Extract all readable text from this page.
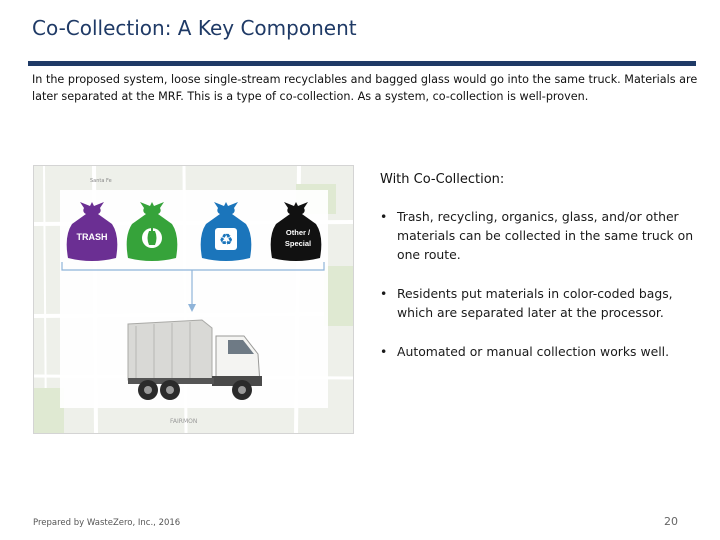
Co-Collection: A Key Component
In the proposed system, loose single-stream recyclables and bagged glass would go into the same truck. Materials are later separated at the MRF. This is a type of co-collection. As a system, co-collection is well-proven.
Santa Fe
FAIRMON
TRASH	♻	Other /
Special
With Co-Collection:
• Trash, recycling, organics, glass, and/or other materials can be collected in the same truck on one route.
• Residents put materials in color-coded bags, which are separated later at the processor.
• Automated or manual collection works well.
Prepared by WasteZero, Inc., 2016	20
